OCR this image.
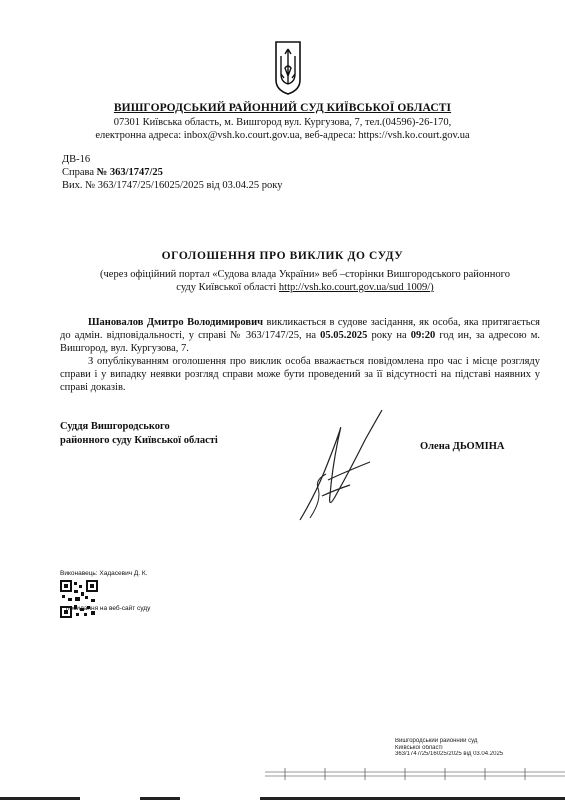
ВИШГОРОДСЬКИЙ РАЙОННИЙ СУД КИЇВСЬКОЇ ОБЛАСТІ
07301 Київська область, м. Вишгород вул. Кургузова, 7, тел.(04596)-26-170,
електронна адреса: inbox@vsh.ko.court.gov.ua, веб-адреса: https://vsh.ko.court.gov.ua
ДВ-16
Справа № 363/1747/25
Вих. № 363/1747/25/16025/2025 від 03.04.25 року
ОГОЛОШЕННЯ ПРО ВИКЛИК ДО СУДУ
(через офіційний портал «Судова влада України» веб –сторінки Вишгородського районного
суду Київської області http://vsh.ko.court.gov.ua/sud 1009/)

Шановалов Дмитро Володимирович викликається в судове засідання, як особа, яка притягається до адмін. відповідальності, у справі № 363/1747/25, на 05.05.2025 року на 09:20 год ин, за адресою м. Вишгород, вул. Кургузова, 7.

З опублікуванням оголошення про виклик особа вважається повідомлена про час і місце розгляду справи і у випадку неявки розгляд справи може бути проведений за її відсутності на підставі наявних у справі доказів.

Суддя Вишгородського
районного суду Київської області
Олена ДЬОМІНА
Виконавець: Хадасевич Д. К.
посилання на веб-сайт суду
Вишгородський районний суд
Київської області
363/1747/25/16025/2025 від 03.04.2025
